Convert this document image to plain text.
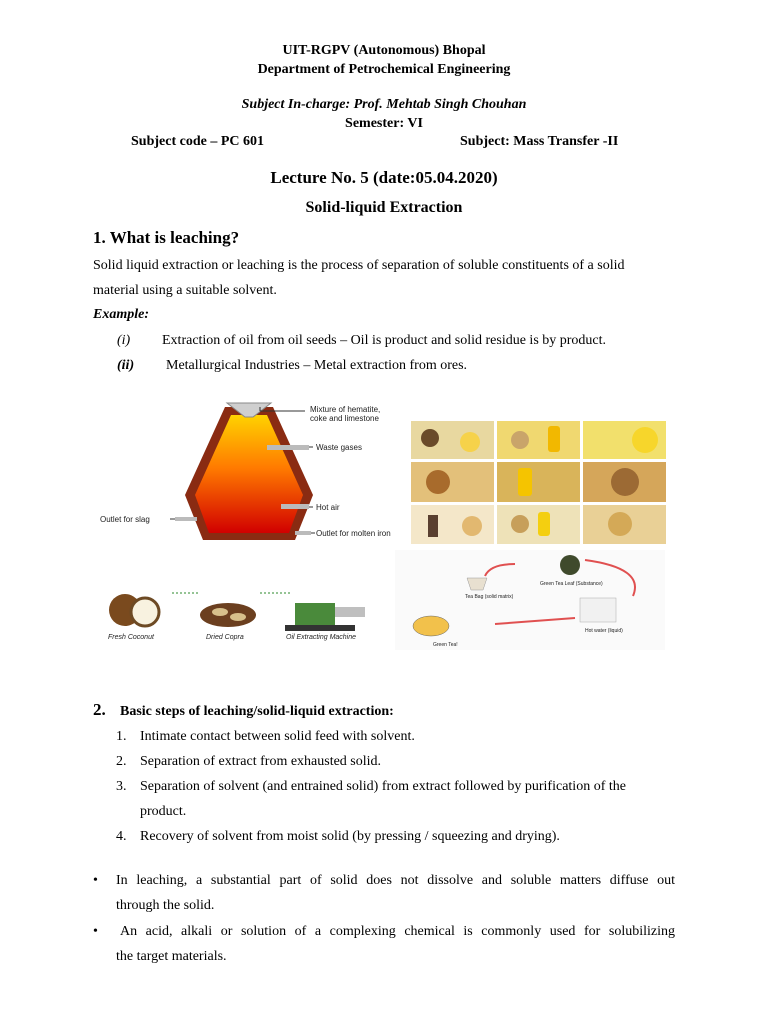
UIT-RGPV (Autonomous) Bhopal
Department of Petrochemical Engineering
Subject In-charge: Prof. Mehtab Singh Chouhan
Semester: VI
Subject code – PC 601	Subject: Mass Transfer -II
Lecture No. 5 (date:05.04.2020)
Solid-liquid Extraction
1. What is leaching?
Solid liquid extraction or leaching is the process of separation of soluble constituents of a solid
material using a suitable solvent.
Example:
(i) Extraction of oil from oil seeds – Oil is product and solid residue is by product.
(ii) Metallurgical Industries – Metal extraction from ores.
Mixture of hematite,
coke and limestone
Waste gases
Hot air
Outlet for slag
Outlet for molten iron
Fresh Coconut	Dried Copra	Oil Extracting Machine
Green Tea Leaf (Substance)
Tea Bag (solid matrix)
Hot water (liquid)
Green Tea!
2. Basic steps of leaching/solid-liquid extraction:
1. Intimate contact between solid feed with solvent.
2. Separation of extract from exhausted solid.
3. Separation of solvent (and entrained solid) from extract followed by purification of the
product.
4. Recovery of solvent from moist solid (by pressing / squeezing and drying).
•	In leaching, a substantial part of solid does not dissolve and soluble matters diffuse out
through the solid.
•	An acid, alkali or solution of a complexing chemical is commonly used for solubilizing
the target materials.
